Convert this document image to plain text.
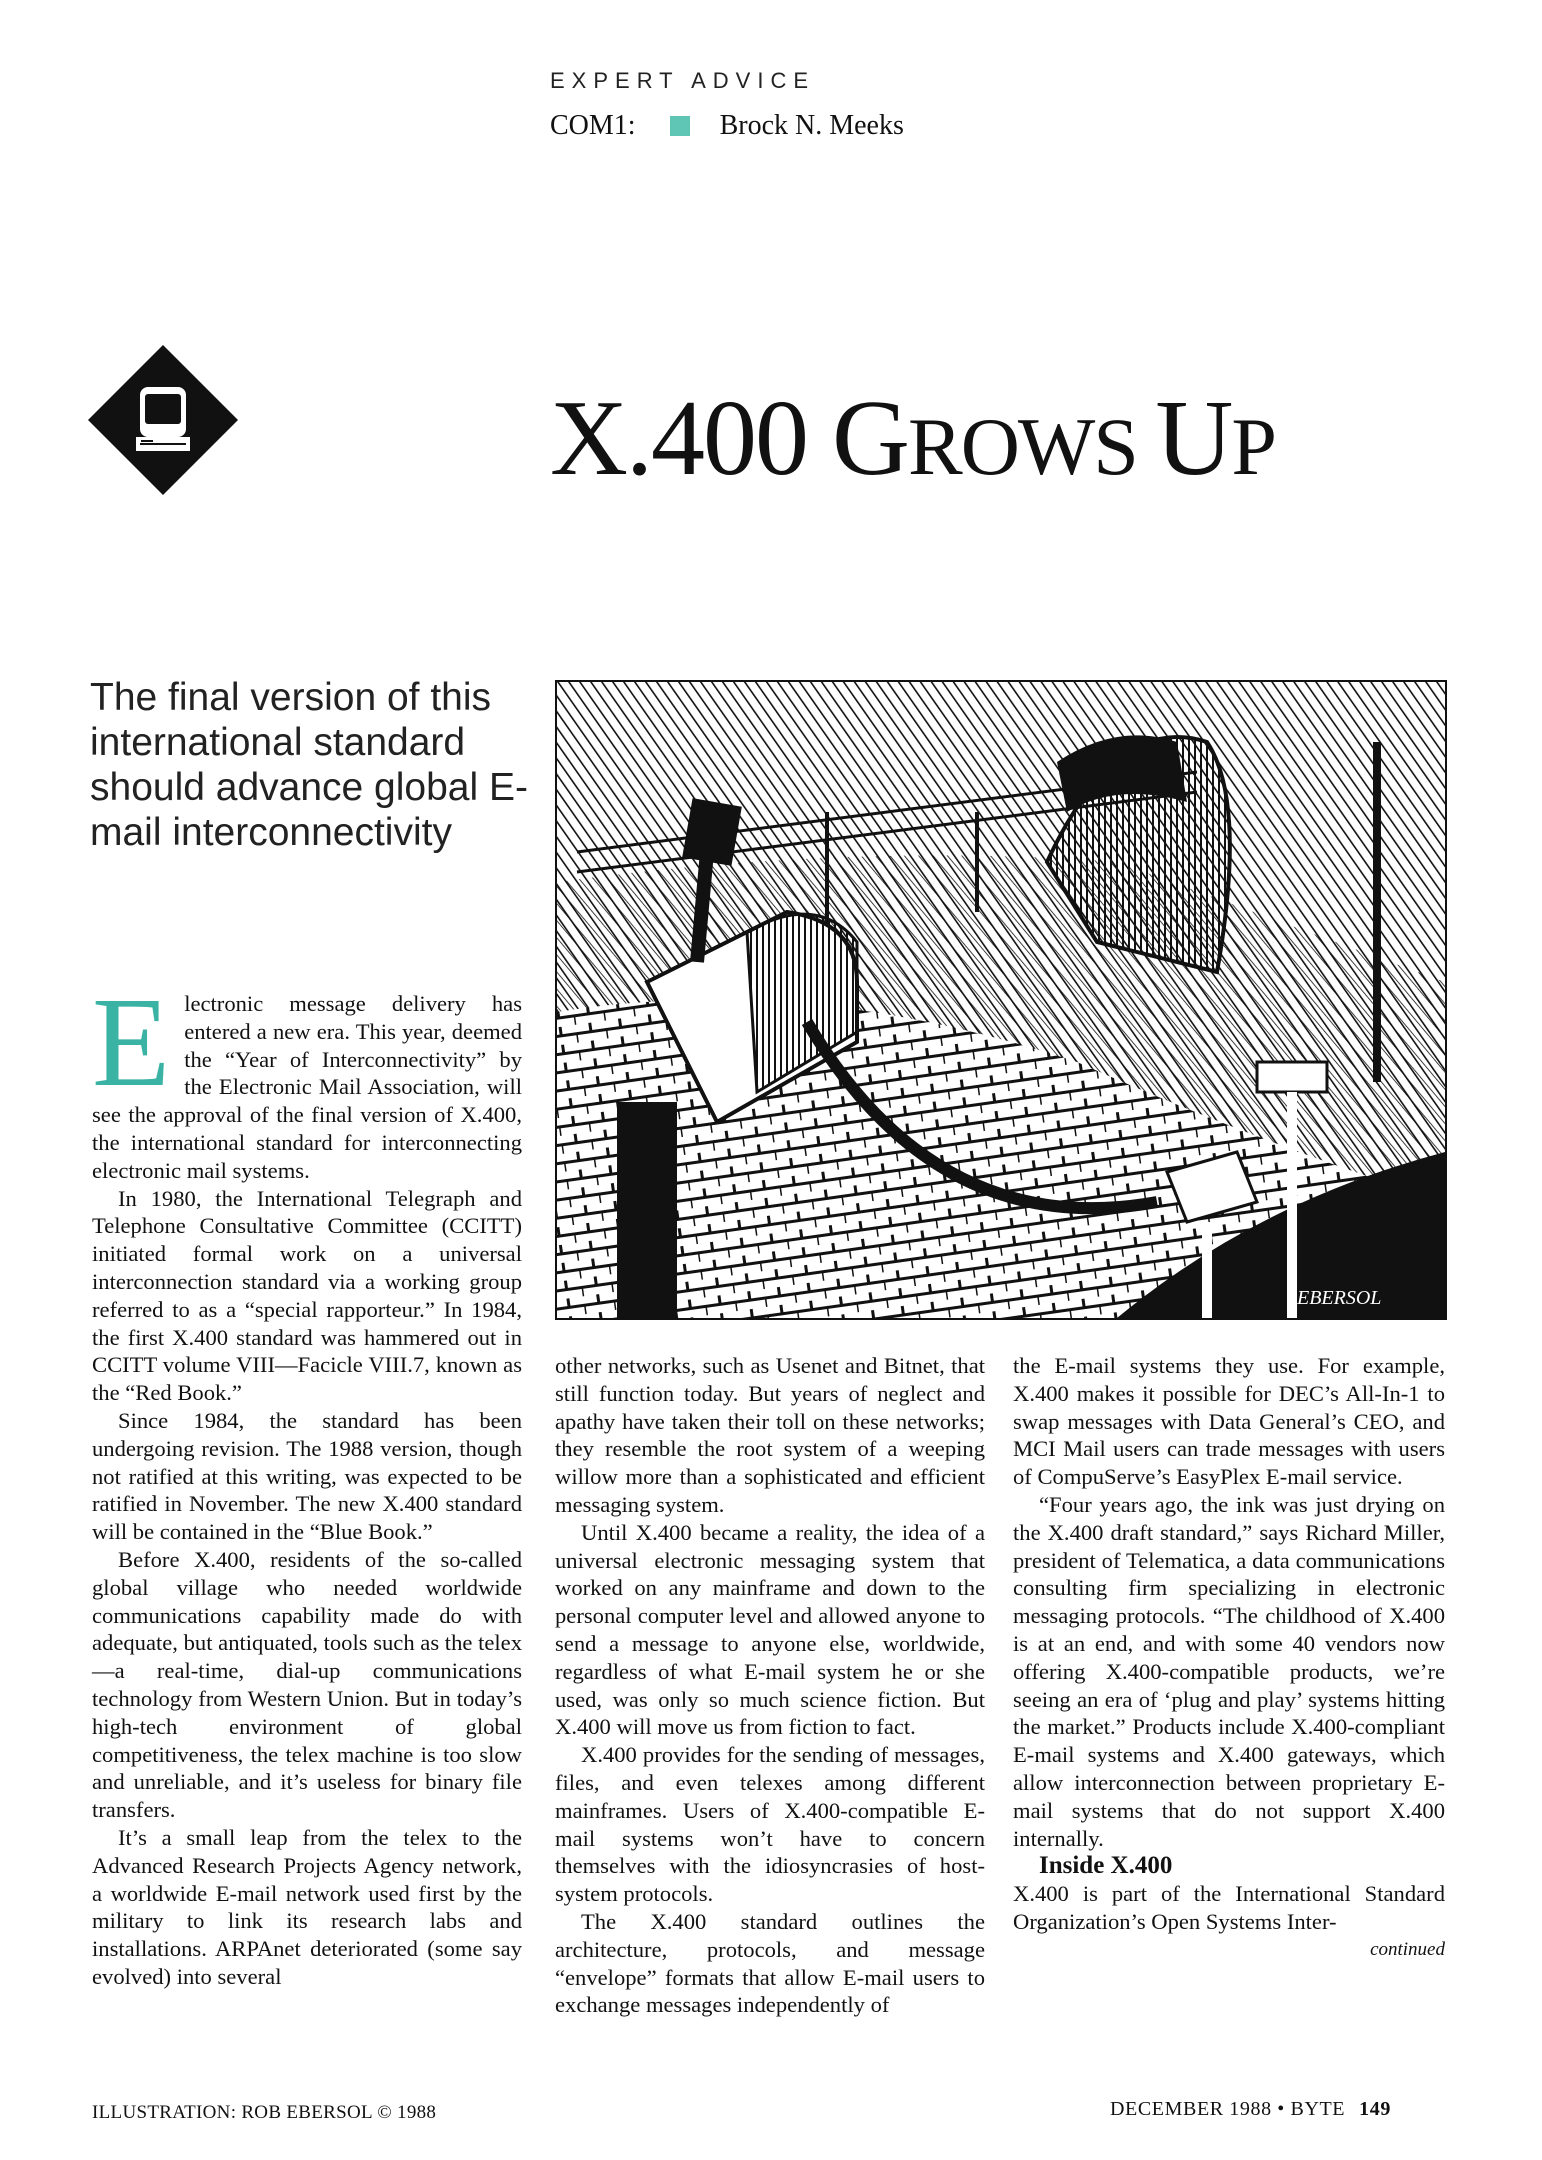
EXPERT ADVICE
COM1:	Brock N. Meeks
X.400 GROWS UP
The final version of this international standard should advance global E-mail interconnectivity
EBERSOL

Electronic message delivery has entered a new era. This year, deemed the “Year of Interconnectivity” by the Electronic Mail Association, will see the approval of the final version of X.400, the international standard for interconnecting electronic mail systems.

In 1980, the International Telegraph and Telephone Consultative Committee (CCITT) initiated formal work on a universal interconnection standard via a working group referred to as a “special rapporteur.” In 1984, the first X.400 standard was hammered out in CCITT volume VIII—Facicle VIII.7, known as the “Red Book.”

Since 1984, the standard has been undergoing revision. The 1988 version, though not ratified at this writing, was expected to be ratified in November. The new X.400 standard will be contained in the “Blue Book.”

Before X.400, residents of the so-called global village who needed worldwide communications capability made do with adequate, but antiquated, tools such as the telex—a real-time, dial-up communications technology from Western Union. But in today’s high-tech environment of global competitiveness, the telex machine is too slow and unreliable, and it’s useless for binary file transfers.

It’s a small leap from the telex to the Advanced Research Projects Agency network, a worldwide E-mail network used first by the military to link its research labs and installations. ARPAnet deteriorated (some say evolved) into several

other networks, such as Usenet and Bitnet, that still function today. But years of neglect and apathy have taken their toll on these networks; they resemble the root system of a weeping willow more than a sophisticated and efficient messaging system.

Until X.400 became a reality, the idea of a universal electronic messaging system that worked on any mainframe and down to the personal computer level and allowed anyone to send a message to anyone else, worldwide, regardless of what E-mail system he or she used, was only so much science fiction. But X.400 will move us from fiction to fact.

X.400 provides for the sending of messages, files, and even telexes among different mainframes. Users of X.400-compatible E-mail systems won’t have to concern themselves with the idiosyncrasies of host-system protocols.

The X.400 standard outlines the architecture, protocols, and message “envelope” formats that allow E-mail users to exchange messages independently of

the E-mail systems they use. For example, X.400 makes it possible for DEC’s All-In-1 to swap messages with Data General’s CEO, and MCI Mail users can trade messages with users of CompuServe’s EasyPlex E-mail service.

“Four years ago, the ink was just drying on the X.400 draft standard,” says Richard Miller, president of Telematica, a data communications consulting firm specializing in electronic messaging protocols. “The childhood of X.400 is at an end, and with some 40 vendors now offering X.400-compatible products, we’re seeing an era of ‘plug and play’ systems hitting the market.” Products include X.400-compliant E-mail systems and X.400 gateways, which allow interconnection between proprietary E-mail systems that do not support X.400 internally.

Inside X.400

X.400 is part of the International Standard Organization’s Open Systems Inter-

continued

ILLUSTRATION: ROB EBERSOL © 1988	DECEMBER 1988 • BYTE 149
